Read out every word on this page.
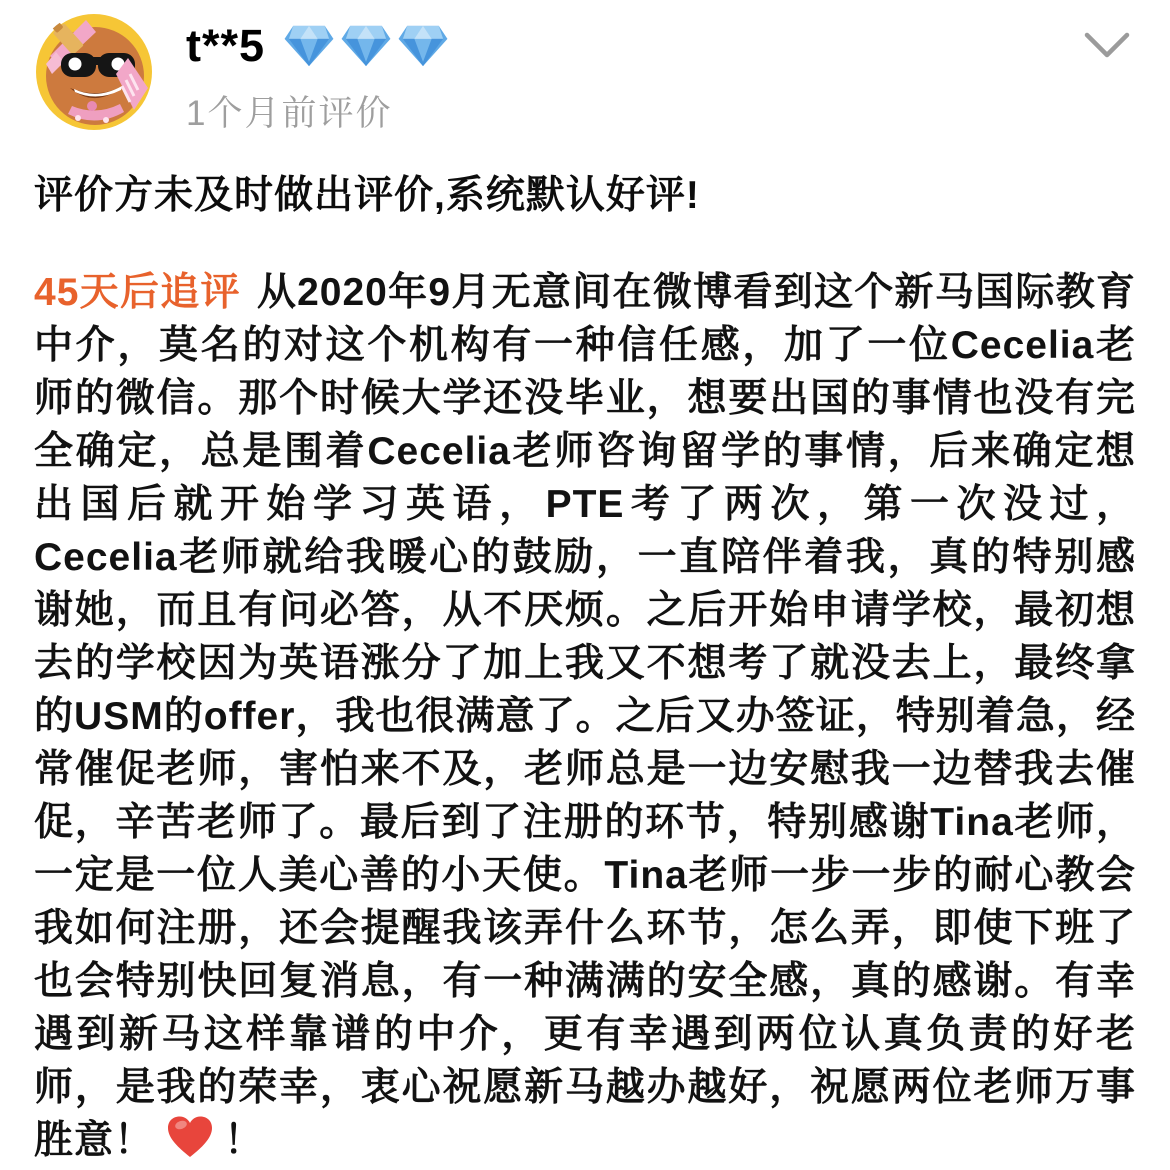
t**5
1个月前评价
评价方未及时做出评价,系统默认好评!
45天后追评 从2020年9月无意间在微博看到这个新马国际教育中介，莫名的对这个机构有一种信任感，加了一位Cecelia老师的微信。那个时候大学还没毕业，想要出国的事情也没有完全确定，总是围着Cecelia老师咨询留学的事情，后来确定想出国后就开始学习英语，PTE考了两次，第一次没过，Cecelia老师就给我暖心的鼓励，一直陪伴着我，真的特别感谢她，而且有问必答，从不厌烦。之后开始申请学校，最初想去的学校因为英语涨分了加上我又不想考了就没去上，最终拿的USM的offer，我也很满意了。之后又办签证，特别着急，经常催促老师，害怕来不及，老师总是一边安慰我一边替我去催促，辛苦老师了。最后到了注册的环节，特别感谢Tina老师，一定是一位人美心善的小天使。Tina老师一步一步的耐心教会我如何注册，还会提醒我该弄什么环节，怎么弄，即使下班了也会特别快回复消息，有一种满满的安全感，真的感谢。有幸遇到新马这样靠谱的中介，更有幸遇到两位认真负责的好老师，是我的荣幸，衷心祝愿新马越办越好，祝愿两位老师万事胜意！ ！
